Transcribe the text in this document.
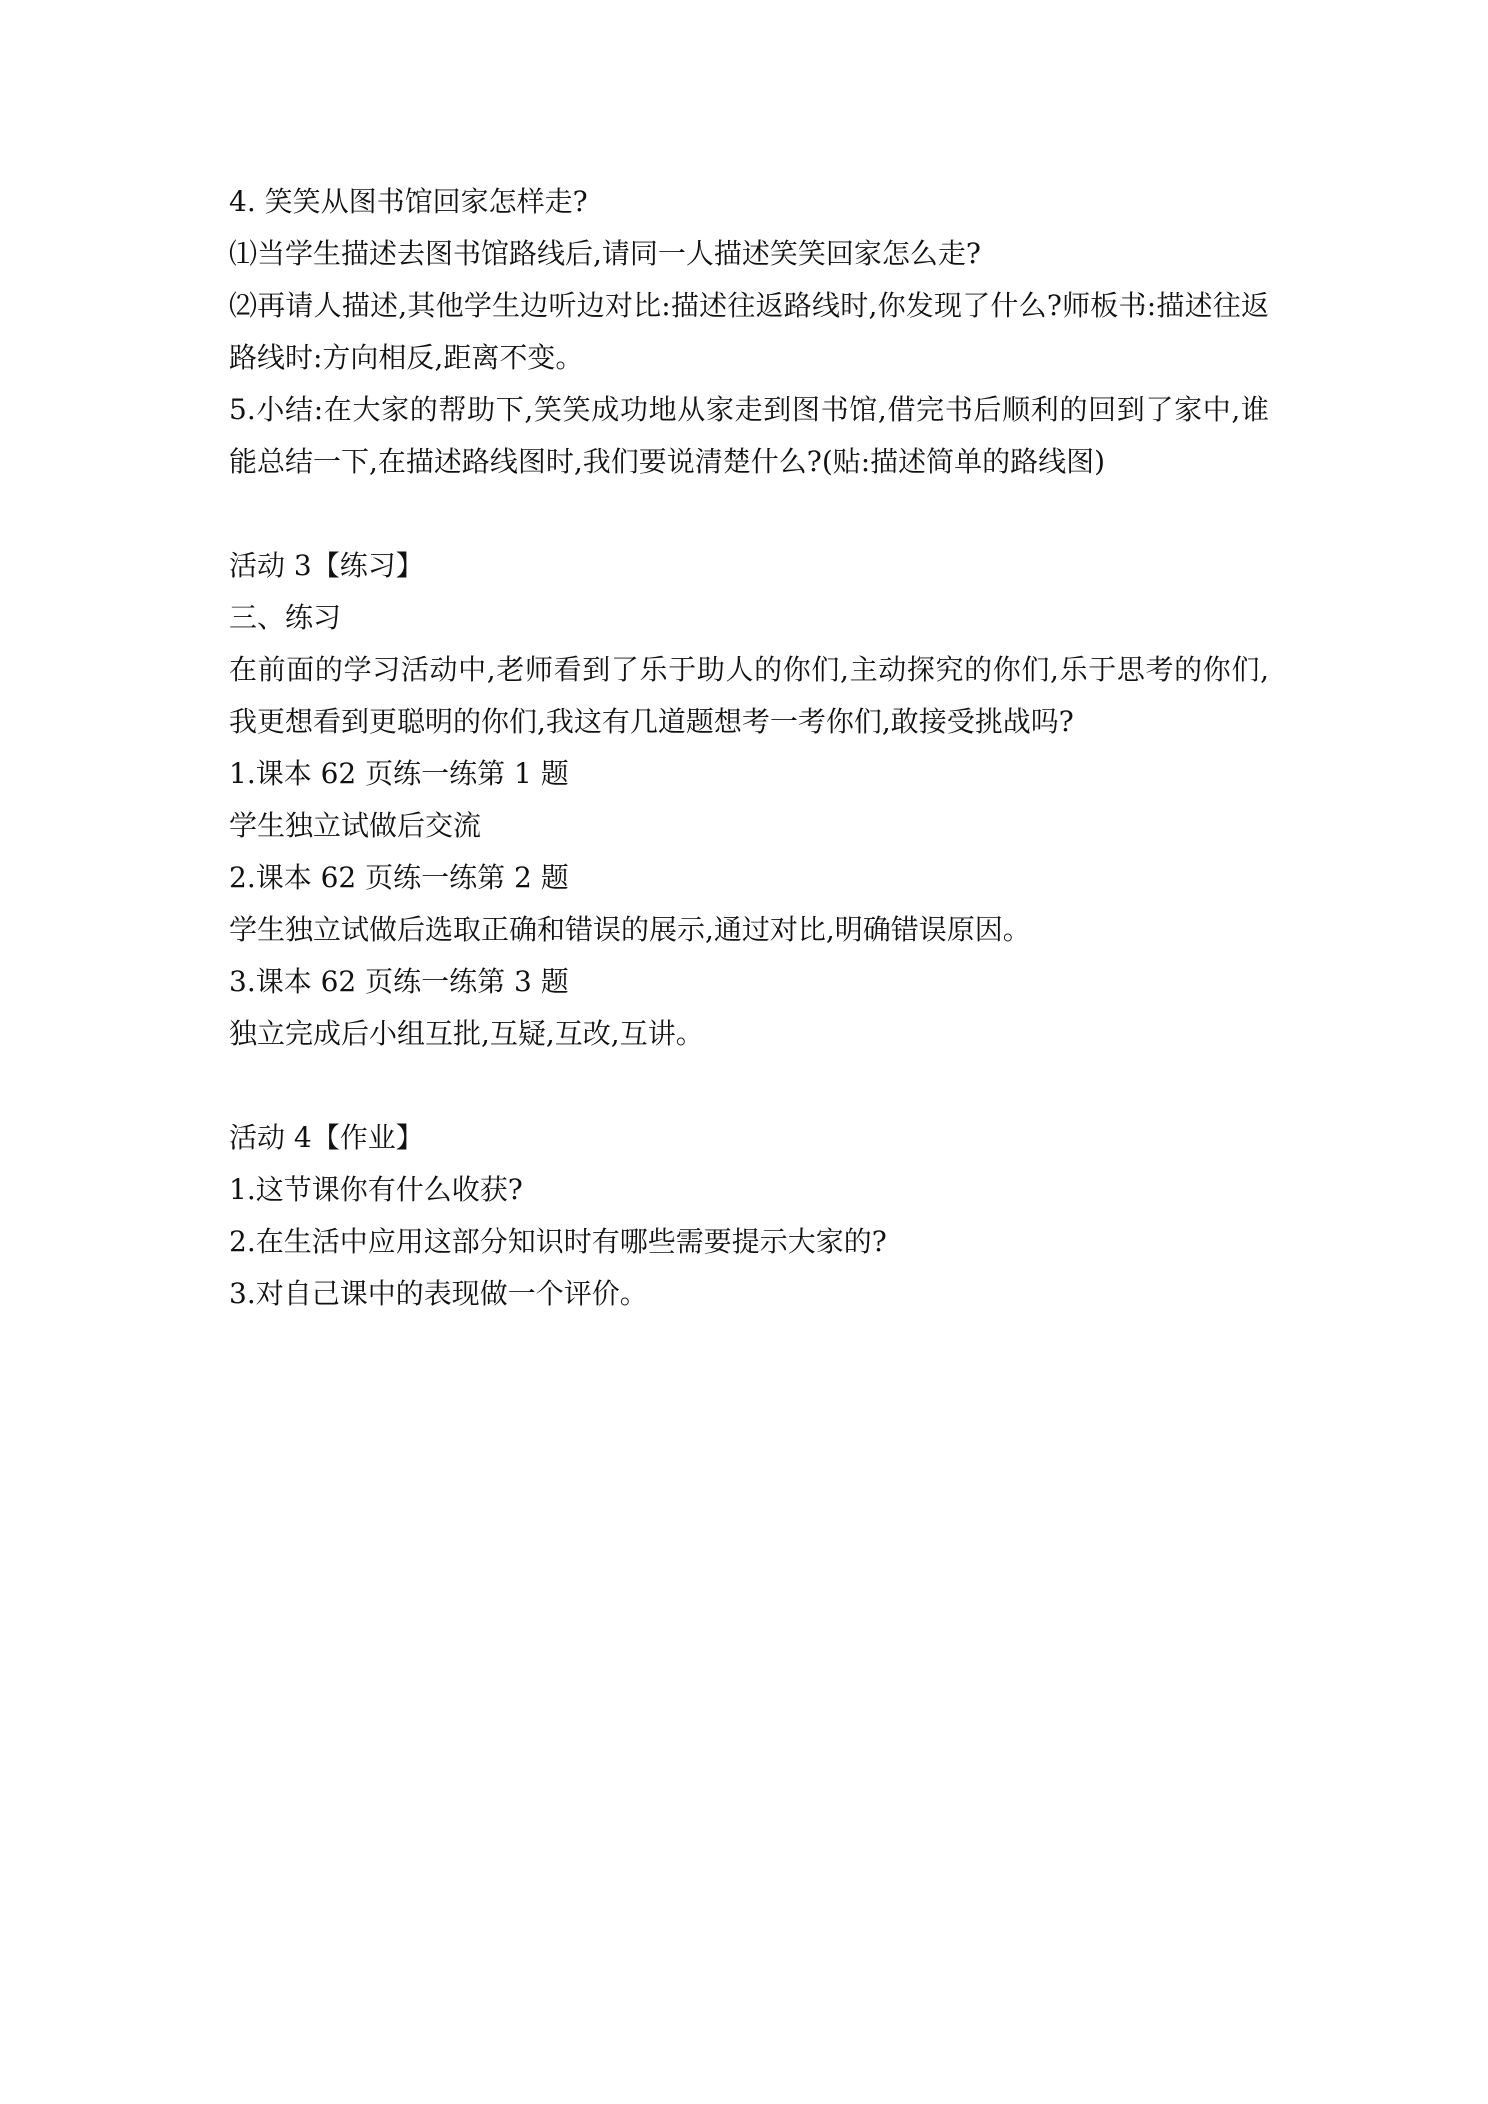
4. 笑笑从图书馆回家怎样走?
⑴当学生描述去图书馆路线后,请同一人描述笑笑回家怎么走?
⑵再请人描述,其他学生边听边对比:描述往返路线时,你发现了什么?师板书:描述往返路线时:方向相反,距离不变。
5.小结:在大家的帮助下,笑笑成功地从家走到图书馆,借完书后顺利的回到了家中,谁能总结一下,在描述路线图时,我们要说清楚什么?(贴:描述简单的路线图)
活动 3【练习】
三、练习
在前面的学习活动中,老师看到了乐于助人的你们,主动探究的你们,乐于思考的你们,我更想看到更聪明的你们,我这有几道题想考一考你们,敢接受挑战吗?
1.课本 62 页练一练第 1 题
学生独立试做后交流
2.课本 62 页练一练第 2 题
学生独立试做后选取正确和错误的展示,通过对比,明确错误原因。
3.课本 62 页练一练第 3 题
独立完成后小组互批,互疑,互改,互讲。
活动 4【作业】
1.这节课你有什么收获?
2.在生活中应用这部分知识时有哪些需要提示大家的?
3.对自己课中的表现做一个评价。
